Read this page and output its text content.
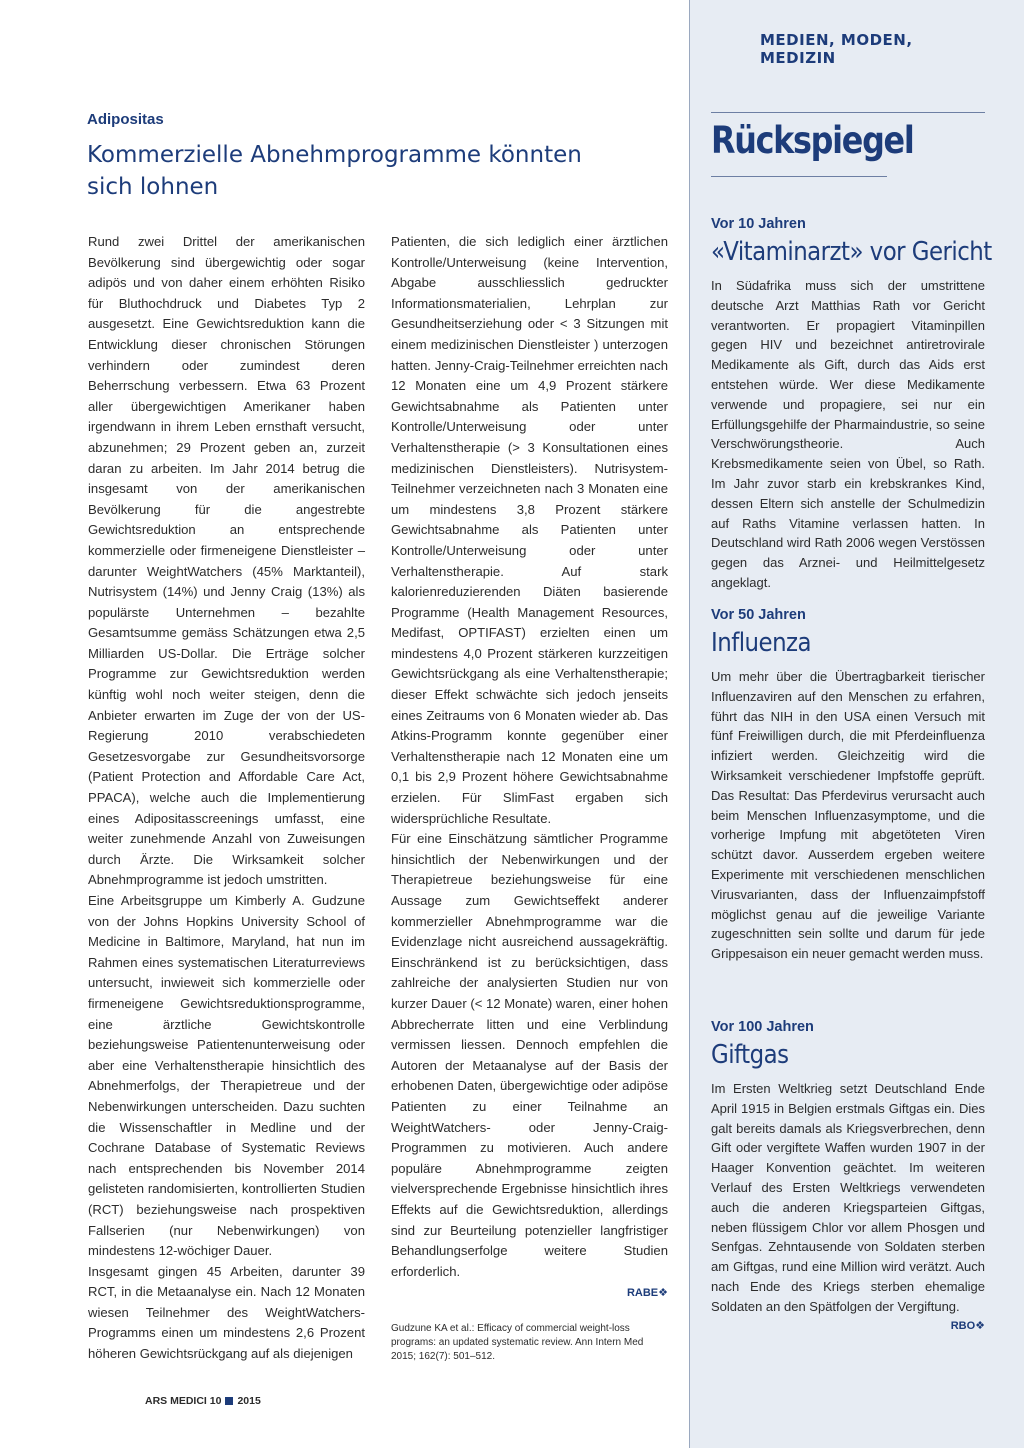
MEDIEN, MODEN, MEDIZIN
Adipositas
Kommerzielle Abnehmprogramme könnten sich lohnen

Rund zwei Drittel der amerikanischen Bevölkerung sind übergewichtig oder sogar adipös und von daher einem erhöhten Risiko für Bluthochdruck und Diabetes Typ 2 ausgesetzt. Eine Gewichtsreduktion kann die Entwicklung dieser chronischen Störungen verhindern oder zumindest deren Beherrschung verbessern. Etwa 63 Prozent aller übergewichtigen Amerikaner haben irgendwann in ihrem Leben ernsthaft versucht, abzunehmen; 29 Prozent geben an, zurzeit daran zu arbeiten. Im Jahr 2014 betrug die insgesamt von der amerikanischen Bevölkerung für die angestrebte Gewichtsreduktion an entsprechende kommerzielle oder firmeneigene Dienstleister – darunter WeightWatchers (45% Marktanteil), Nutrisystem (14%) und Jenny Craig (13%) als populärste Unternehmen – bezahlte Gesamtsumme gemäss Schätzungen etwa 2,5 Milliarden US-Dollar. Die Erträge solcher Programme zur Gewichtsreduktion werden künftig wohl noch weiter steigen, denn die Anbieter erwarten im Zuge der von der US-Regierung 2010 verabschiedeten Gesetzesvorgabe zur Gesundheitsvorsorge (Patient Protection and Affordable Care Act, PPACA), welche auch die Implementierung eines Adipositasscreenings umfasst, eine weiter zunehmende Anzahl von Zuweisungen durch Ärzte. Die Wirksamkeit solcher Abnehmprogramme ist jedoch umstritten.

Eine Arbeitsgruppe um Kimberly A. Gudzune von der Johns Hopkins University School of Medicine in Baltimore, Maryland, hat nun im Rahmen eines systematischen Literaturreviews untersucht, inwieweit sich kommerzielle oder firmeneigene Gewichtsreduktionsprogramme, eine ärztliche Gewichtskontrolle beziehungsweise Patientenunterweisung oder aber eine Verhaltenstherapie hinsichtlich des Abnehmerfolgs, der Therapietreue und der Nebenwirkungen unterscheiden. Dazu suchten die Wissenschaftler in Medline und der Cochrane Database of Systematic Reviews nach entsprechenden bis November 2014 gelisteten randomisierten, kontrollierten Studien (RCT) beziehungsweise nach prospektiven Fallserien (nur Nebenwirkungen) von mindestens 12-wöchiger Dauer.

Insgesamt gingen 45 Arbeiten, darunter 39 RCT, in die Metaanalyse ein. Nach 12 Monaten wiesen Teilnehmer des WeightWatchers-Programms einen um mindestens 2,6 Prozent höheren Gewichtsrückgang auf als diejenigen

Patienten, die sich lediglich einer ärztlichen Kontrolle/Unterweisung (keine Intervention, Abgabe ausschliesslich gedruckter Informationsmaterialien, Lehrplan zur Gesundheitserziehung oder < 3 Sitzungen mit einem medizinischen Dienstleister ) unterzogen hatten. Jenny-Craig-Teilnehmer erreichten nach 12 Monaten eine um 4,9 Prozent stärkere Gewichtsabnahme als Patienten unter Kontrolle/Unterweisung oder unter Verhaltenstherapie (> 3 Konsultationen eines medizinischen Dienstleisters). Nutrisystem-Teilnehmer verzeichneten nach 3 Monaten eine um mindestens 3,8 Prozent stärkere Gewichtsabnahme als Patienten unter Kontrolle/Unterweisung oder unter Verhaltenstherapie. Auf stark kalorienreduzierenden Diäten basierende Programme (Health Management Resources, Medifast, OPTIFAST) erzielten einen um mindestens 4,0 Prozent stärkeren kurzzeitigen Gewichtsrückgang als eine Verhaltenstherapie; dieser Effekt schwächte sich jedoch jenseits eines Zeitraums von 6 Monaten wieder ab. Das Atkins-Programm konnte gegenüber einer Verhaltenstherapie nach 12 Monaten eine um 0,1 bis 2,9 Prozent höhere Gewichtsabnahme erzielen. Für SlimFast ergaben sich widersprüchliche Resultate.

Für eine Einschätzung sämtlicher Programme hinsichtlich der Nebenwirkungen und der Therapietreue beziehungsweise für eine Aussage zum Gewichtseffekt anderer kommerzieller Abnehmprogramme war die Evidenzlage nicht ausreichend aussagekräftig. Einschränkend ist zu berücksichtigen, dass zahlreiche der analysierten Studien nur von kurzer Dauer (< 12 Monate) waren, einer hohen Abbrecherrate litten und eine Verblindung vermissen liessen. Dennoch empfehlen die Autoren der Metaanalyse auf der Basis der erhobenen Daten, übergewichtige oder adipöse Patienten zu einer Teilnahme an WeightWatchers- oder Jenny-Craig-Programmen zu motivieren. Auch andere populäre Abnehmprogramme zeigten vielversprechende Ergebnisse hinsichtlich ihres Effekts auf die Gewichtsreduktion, allerdings sind zur Beurteilung potenzieller langfristiger Behandlungserfolge weitere Studien erforderlich.

RABE❖
Gudzune KA et al.: Efficacy of commercial weight-loss programs: an updated systematic review. Ann Intern Med 2015; 162(7): 501–512.
ARS MEDICI 10 2015
Rückspiegel
Vor 10 Jahren
«Vitaminarzt» vor Gericht

In Südafrika muss sich der umstrittene deutsche Arzt Matthias Rath vor Gericht verantworten. Er propagiert Vitaminpillen gegen HIV und bezeichnet antiretrovirale Medikamente als Gift, durch das Aids erst entstehen würde. Wer diese Medikamente verwende und propagiere, sei nur ein Erfüllungsgehilfe der Pharmaindustrie, so seine Verschwörungstheorie. Auch Krebsmedikamente seien von Übel, so Rath. Im Jahr zuvor starb ein krebskrankes Kind, dessen Eltern sich anstelle der Schulmedizin auf Raths Vitamine verlassen hatten. In Deutschland wird Rath 2006 wegen Verstössen gegen das Arznei- und Heilmittelgesetz angeklagt.

Vor 50 Jahren
Influenza

Um mehr über die Übertragbarkeit tierischer Influenzaviren auf den Menschen zu erfahren, führt das NIH in den USA einen Versuch mit fünf Freiwilligen durch, die mit Pferdeinfluenza infiziert werden. Gleichzeitig wird die Wirksamkeit verschiedener Impfstoffe geprüft. Das Resultat: Das Pferdevirus verursacht auch beim Menschen Influenzasymptome, und die vorherige Impfung mit abgetöteten Viren schützt davor. Ausserdem ergeben weitere Experimente mit verschiedenen menschlichen Virusvarianten, dass der Influenzaimpfstoff möglichst genau auf die jeweilige Variante zugeschnitten sein sollte und darum für jede Grippesaison ein neuer gemacht werden muss.

Vor 100 Jahren
Giftgas

Im Ersten Weltkrieg setzt Deutschland Ende April 1915 in Belgien erstmals Giftgas ein. Dies galt bereits damals als Kriegsverbrechen, denn Gift oder vergiftete Waffen wurden 1907 in der Haager Konvention geächtet. Im weiteren Verlauf des Ersten Weltkriegs verwendeten auch die anderen Kriegsparteien Giftgas, neben flüssigem Chlor vor allem Phosgen und Senfgas. Zehntausende von Soldaten sterben am Giftgas, rund eine Million wird verätzt. Auch nach Ende des Kriegs sterben ehemalige Soldaten an den Spätfolgen der Vergiftung.
RBO❖
